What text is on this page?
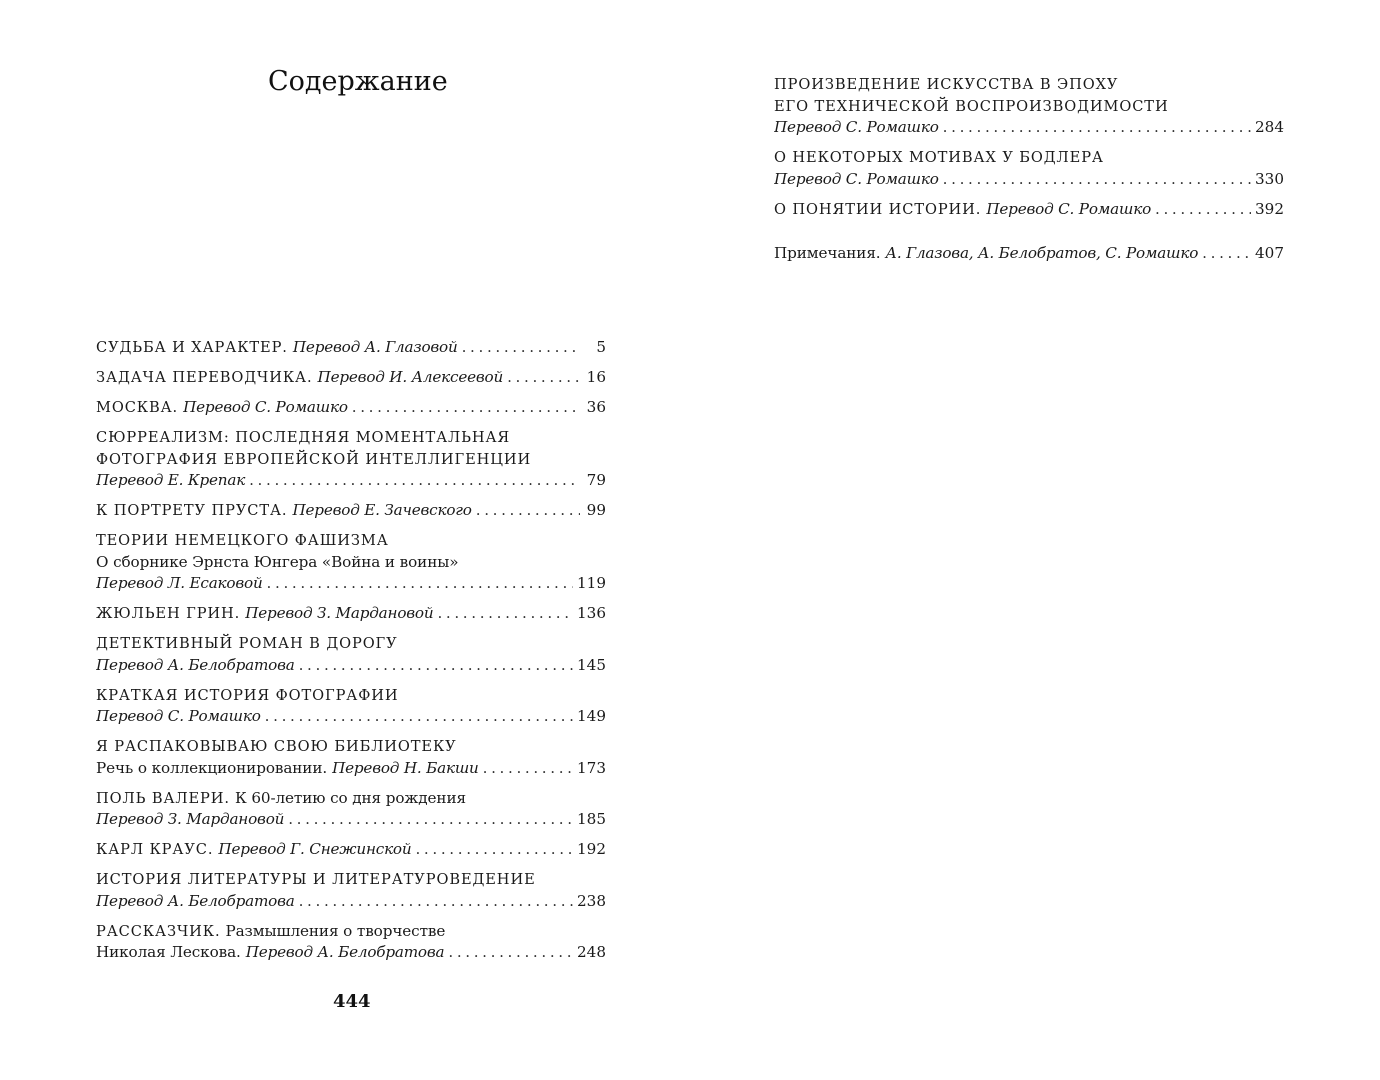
Содержание
СУДЬБА И ХАРАКТЕР. Перевод А. Глазовой . . .	5
ЗАДАЧА ПЕРЕВОДЧИКА. Перевод И. Алексеевой . . .	16
МОСКВА. Перевод С. Ромашко . . .	36
СЮРРЕАЛИЗМ: ПОСЛЕДНЯЯ МОМЕНТАЛЬНАЯ
ФОТОГРАФИЯ ЕВРОПЕЙСКОЙ ИНТЕЛЛИГЕНЦИИ
Перевод Е. Крепак . . .	79
К ПОРТРЕТУ ПРУСТА. Перевод Е. Зачевского . . .	99
ТЕОРИИ НЕМЕЦКОГО ФАШИЗМА
О сборнике Эрнста Юнгера «Война и воины»
Перевод Л. Есаковой . . .	119
ЖЮЛЬЕН ГРИН. Перевод З. Мардановой . . .	136
ДЕТЕКТИВНЫЙ РОМАН В ДОРОГУ
Перевод А. Белобратова . . .	145
КРАТКАЯ ИСТОРИЯ ФОТОГРАФИИ
Перевод С. Ромашко . . .	149
Я РАСПАКОВЫВАЮ СВОЮ БИБЛИОТЕКУ
Речь о коллекционировании. Перевод Н. Бакши . . .	173
ПОЛЬ ВАЛЕРИ. К 60-летию со дня рождения
Перевод З. Мардановой . . .	185
КАРЛ КРАУС. Перевод Г. Снежинской . . .	192
ИСТОРИЯ ЛИТЕРАТУРЫ И ЛИТЕРАТУРОВЕДЕНИЕ
Перевод А. Белобратова . . .	238
РАССКАЗЧИК. Размышления о творчестве
Николая Лескова. Перевод А. Белобратова . . .	248
ПРОИЗВЕДЕНИЕ ИСКУССТВА В ЭПОХУ
ЕГО ТЕХНИЧЕСКОЙ ВОСПРОИЗВОДИМОСТИ
Перевод С. Ромашко . . .	284
О НЕКОТОРЫХ МОТИВАХ У БОДЛЕРА
Перевод С. Ромашко . . .	330
О ПОНЯТИИ ИСТОРИИ. Перевод С. Ромашко . . .	392
Примечания. А. Глазова, А. Белобратов, С. Ромашко . . .	407
444
